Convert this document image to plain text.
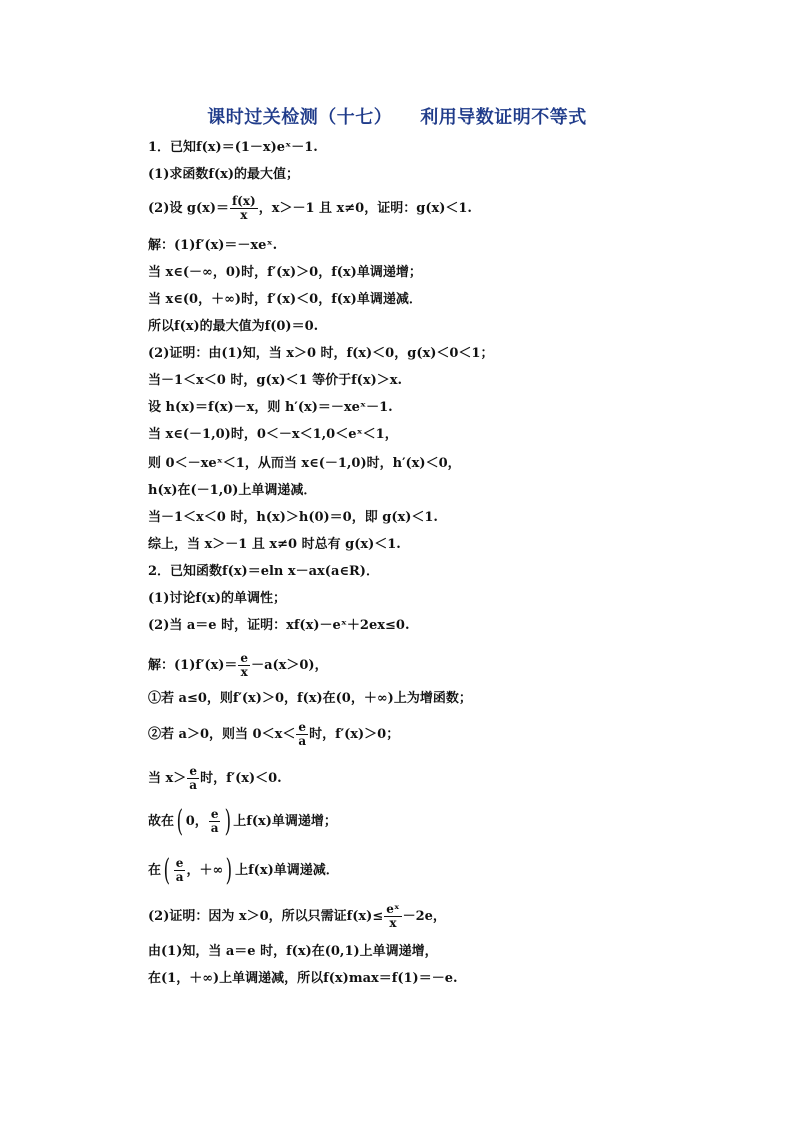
课时过关检测（十七） 利用导数证明不等式
1．已知f(x)＝(1－x)eˣ－1.
(1)求函数f(x)的最大值；
(2)设 $g(x)= \frac{f(x)}{x}$ ，x＞－1 且 x≠0，证明：g(x)＜1.
解：(1)f′(x)＝－xeˣ.
当 x∈(－∞，0)时，f′(x)＞0，f(x)单调递增；
当 x∈(0，＋∞)时，f′(x)＜0，f(x)单调递减．
所以f(x)的最大值为f(0)＝0.
(2)证明：由(1)知，当 x＞0 时，f(x)＜0，g(x)＜0＜1；
当－1＜x＜0 时，g(x)＜1 等价于f(x)＞x.
设 h(x)＝f(x)－x，则 h′(x)＝－xeˣ－1.
当 x∈(－1,0)时，0＜－x＜1,0＜eˣ＜1，
则 0＜－xeˣ＜1，从而当 x∈(－1,0)时，h′(x)＜0，
h(x)在(－1,0)上单调递减．
当－1＜x＜0 时，h(x)＞h(0)＝0，即 g(x)＜1.
综上，当 x＞－1 且 x≠0 时总有 g(x)＜1.
2．已知函数f(x)＝eln x－ax(a∈R)．
(1)讨论f(x)的单调性；
(2)当 a＝e 时，证明：xf(x)－eˣ＋2ex≤0.
解：$(1)f'(x)= \frac{e}{x} -a(x>0)$，
①若 a≤0，则f′(x)＞0，f(x)在(0，＋∞)上为增函数；
②若 a＞0，则当 $0<x< \frac{e}{a}$ 时，f′(x)＞0；
当 $x> \frac{e}{a}$ 时，f′(x)＜0.
故在( 0， $\frac{e}{a}$ ) 上f(x)单调递增；
在( $\frac{e}{a}$ ，＋∞) 上f(x)单调递减．
(2)证明：因为 x＞0，所以只需证$f(x)\le \frac{\text{eˣ}}{x} -2e$，
由(1)知，当 a＝e 时，f(x)在(0,1)上单调递增，
在(1，＋∞)上单调递减，所以f(x)max＝f(1)＝－e.
